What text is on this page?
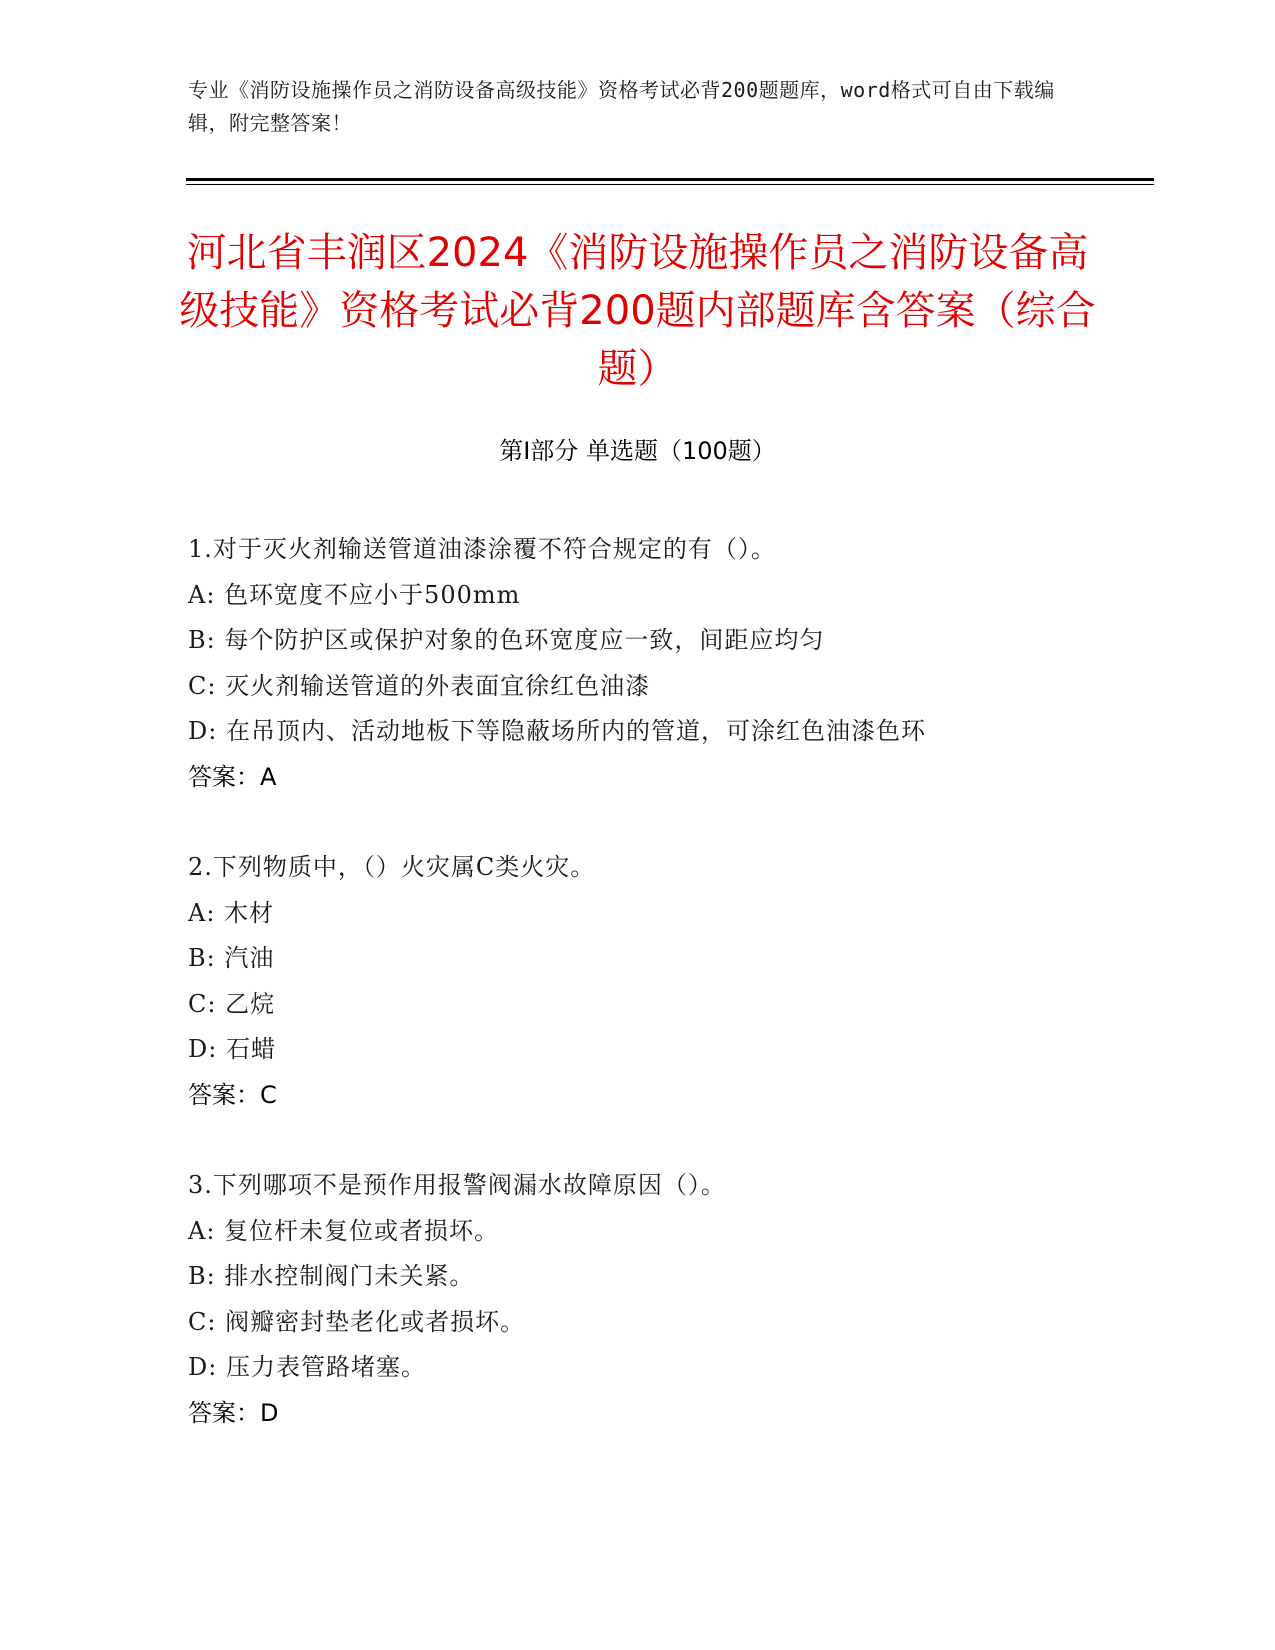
专业《消防设施操作员之消防设备高级技能》资格考试必背200题题库，word格式可自由下载编辑，附完整答案！
河北省丰润区2024《消防设施操作员之消防设备高级技能》资格考试必背200题内部题库含答案（综合题）
第I部分 单选题（100题）
1.对于灭火剂输送管道油漆涂覆不符合规定的有（）。
A: 色环宽度不应小于500mm
B: 每个防护区或保护对象的色环宽度应一致，间距应均匀
C: 灭火剂输送管道的外表面宜徐红色油漆
D: 在吊顶内、活动地板下等隐蔽场所内的管道，可涂红色油漆色环
答案：A
2.下列物质中，（）火灾属C类火灾。
A: 木材
B: 汽油
C: 乙烷
D: 石蜡
答案：C
3.下列哪项不是预作用报警阀漏水故障原因（）。
A: 复位杆未复位或者损坏。
B: 排水控制阀门未关紧。
C: 阀瓣密封垫老化或者损坏。
D: 压力表管路堵塞。
答案：D
